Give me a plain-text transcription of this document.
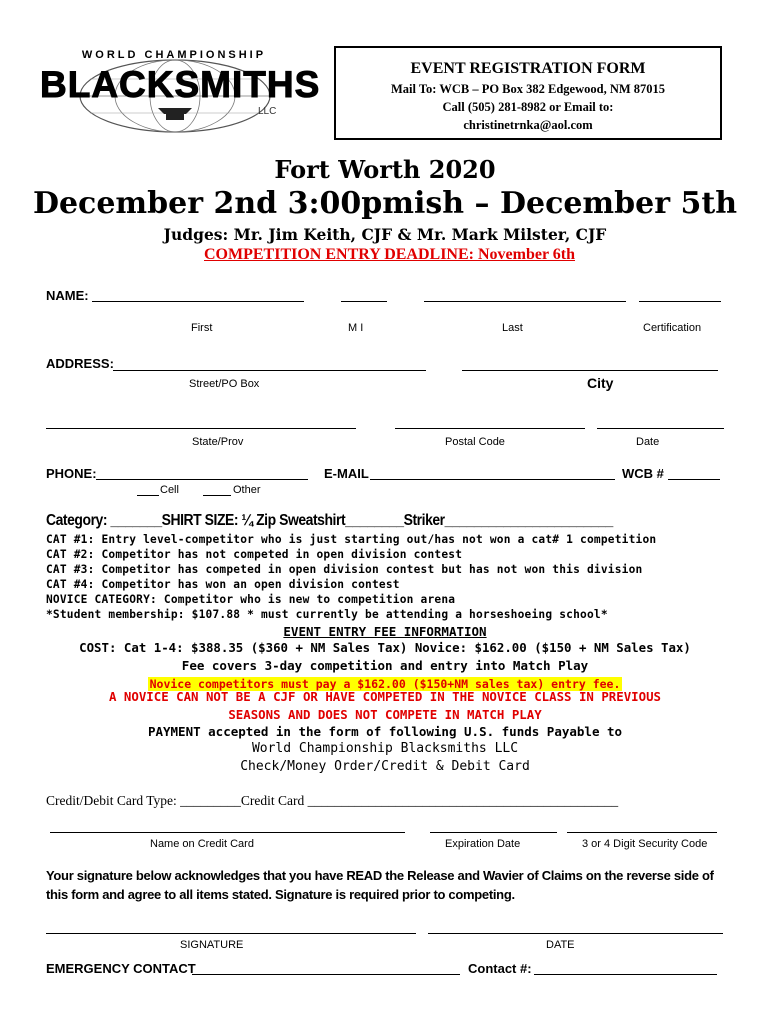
WORLD CHAMPIONSHIP
BLACKSMITHS
LLC
EVENT REGISTRATION FORM
Mail To: WCB – PO Box 382 Edgewood, NM 87015
Call (505) 281-8982 or Email to:
christinetrnka@aol.com
Fort Worth 2020
December 2nd 3:00pmish – December 5th
Judges: Mr. Jim Keith, CJF & Mr. Mark Milster, CJF
COMPETITION ENTRY DEADLINE: November 6th
NAME:
First	M I	Last	Certification
ADDRESS:
Street/PO Box	City
State/Prov	Postal Code	Date
PHONE:	E-MAIL	WCB #
Cell	Other
Category: _______SHIRT SIZE: ¼ Zip Sweatshirt________Striker_______________________
CAT #1: Entry level-competitor who is just starting out/has not won a cat# 1 competition
CAT #2: Competitor has not competed in open division contest
CAT #3: Competitor has competed in open division contest but has not won this division
CAT #4: Competitor has won an open division contest
NOVICE CATEGORY: Competitor who is new to competition arena
*Student membership: $107.88 * must currently be attending a horseshoeing school*
EVENT ENTRY FEE INFORMATION
COST: Cat 1-4: $388.35 ($360 + NM Sales Tax) Novice: $162.00 ($150 + NM Sales Tax)
Fee covers 3-day competition and entry into Match Play
Novice competitors must pay a $162.00 ($150+NM sales tax) entry fee.
A NOVICE CAN NOT BE A CJF OR HAVE COMPETED IN THE NOVICE CLASS IN PREVIOUS
SEASONS AND DOES NOT COMPETE IN MATCH PLAY
PAYMENT accepted in the form of following U.S. funds Payable to
World Championship Blacksmiths LLC
Check/Money Order/Credit & Debit Card
Credit/Debit Card Type: _________Credit Card ______________________________________________
Name on Credit Card	Expiration Date	3 or 4 Digit Security Code
Your signature below acknowledges that you have READ the Release and Wavier of Claims on the reverse side of this form and agree to all items stated. Signature is required prior to competing.
SIGNATURE	DATE
EMERGENCY CONTACT	Contact #:
